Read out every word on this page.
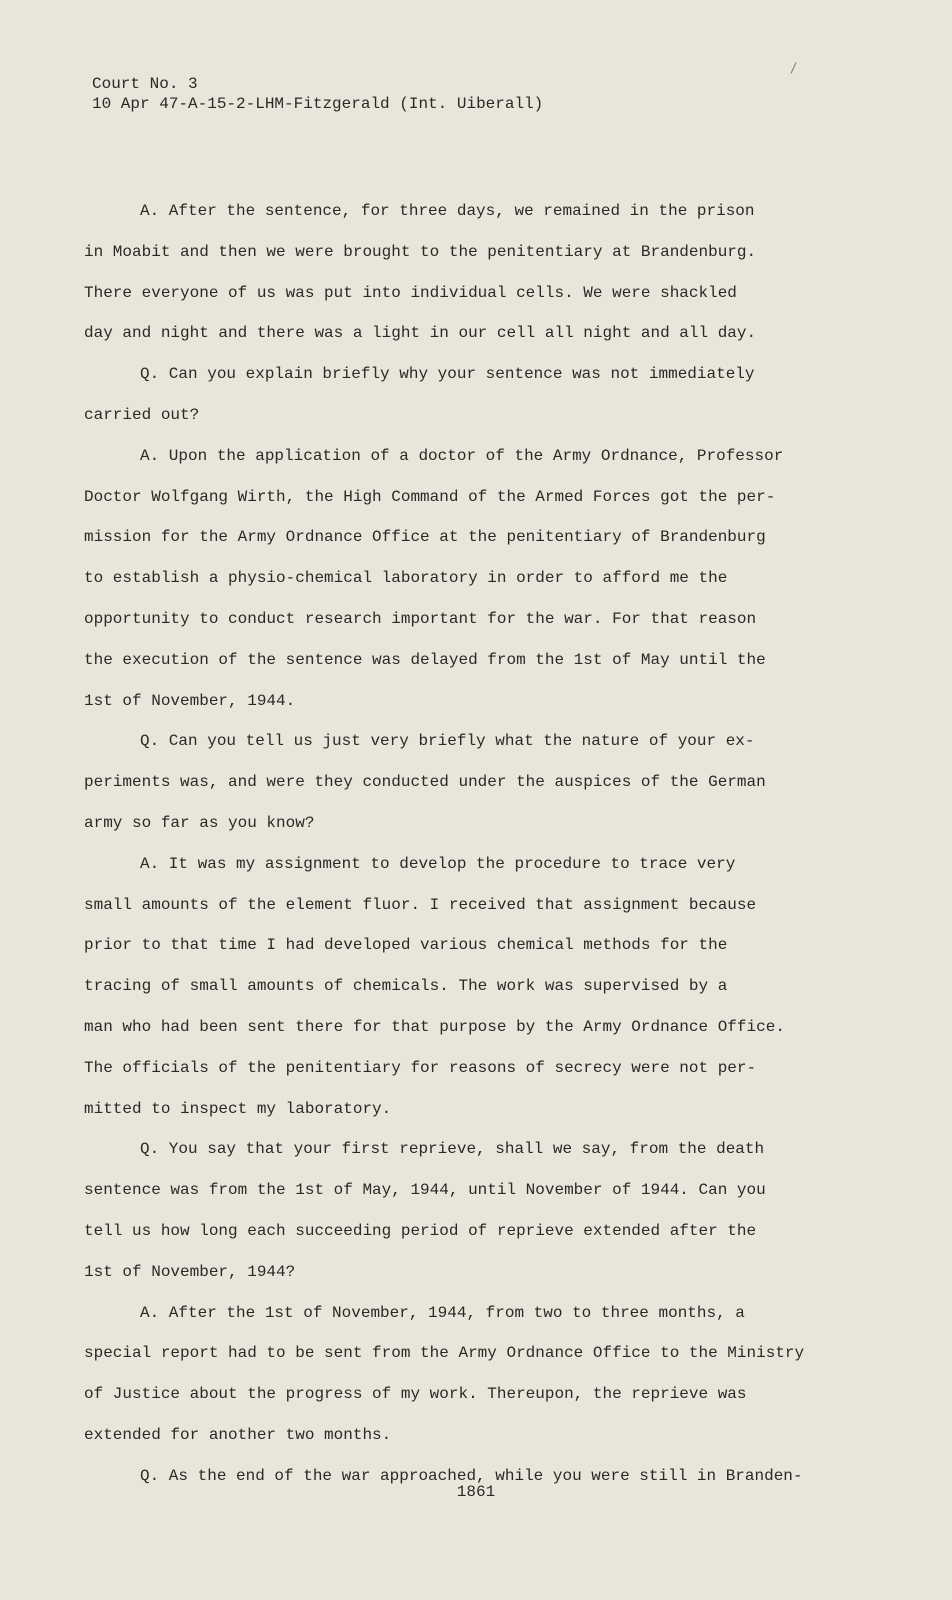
Court No. 3
10 Apr 47-A-15-2-LHM-Fitzgerald (Int. Uiberall)
A. After the sentence, for three days, we remained in the prison
in Moabit and then we were brought to the penitentiary at Brandenburg.
There everyone of us was put into individual cells. We were shackled
day and night and there was a light in our cell all night and all day.
Q. Can you explain briefly why your sentence was not immediately
carried out?
A. Upon the application of a doctor of the Army Ordnance, Professor
Doctor Wolfgang Wirth, the High Command of the Armed Forces got the per-
mission for the Army Ordnance Office at the penitentiary of Brandenburg
to establish a physio-chemical laboratory in order to afford me the
opportunity to conduct research important for the war. For that reason
the execution of the sentence was delayed from the 1st of May until the
1st of November, 1944.
Q. Can you tell us just very briefly what the nature of your ex-
periments was, and were they conducted under the auspices of the German
army so far as you know?
A. It was my assignment to develop the procedure to trace very
small amounts of the element fluor. I received that assignment because
prior to that time I had developed various chemical methods for the
tracing of small amounts of chemicals. The work was supervised by a
man who had been sent there for that purpose by the Army Ordnance Office.
The officials of the penitentiary for reasons of secrecy were not per-
mitted to inspect my laboratory.
Q. You say that your first reprieve, shall we say, from the death
sentence was from the 1st of May, 1944, until November of 1944. Can you
tell us how long each succeeding period of reprieve extended after the
1st of November, 1944?
A. After the 1st of November, 1944, from two to three months, a
special report had to be sent from the Army Ordnance Office to the Ministry
of Justice about the progress of my work. Thereupon, the reprieve was
extended for another two months.
Q. As the end of the war approached, while you were still in Branden-
1861
